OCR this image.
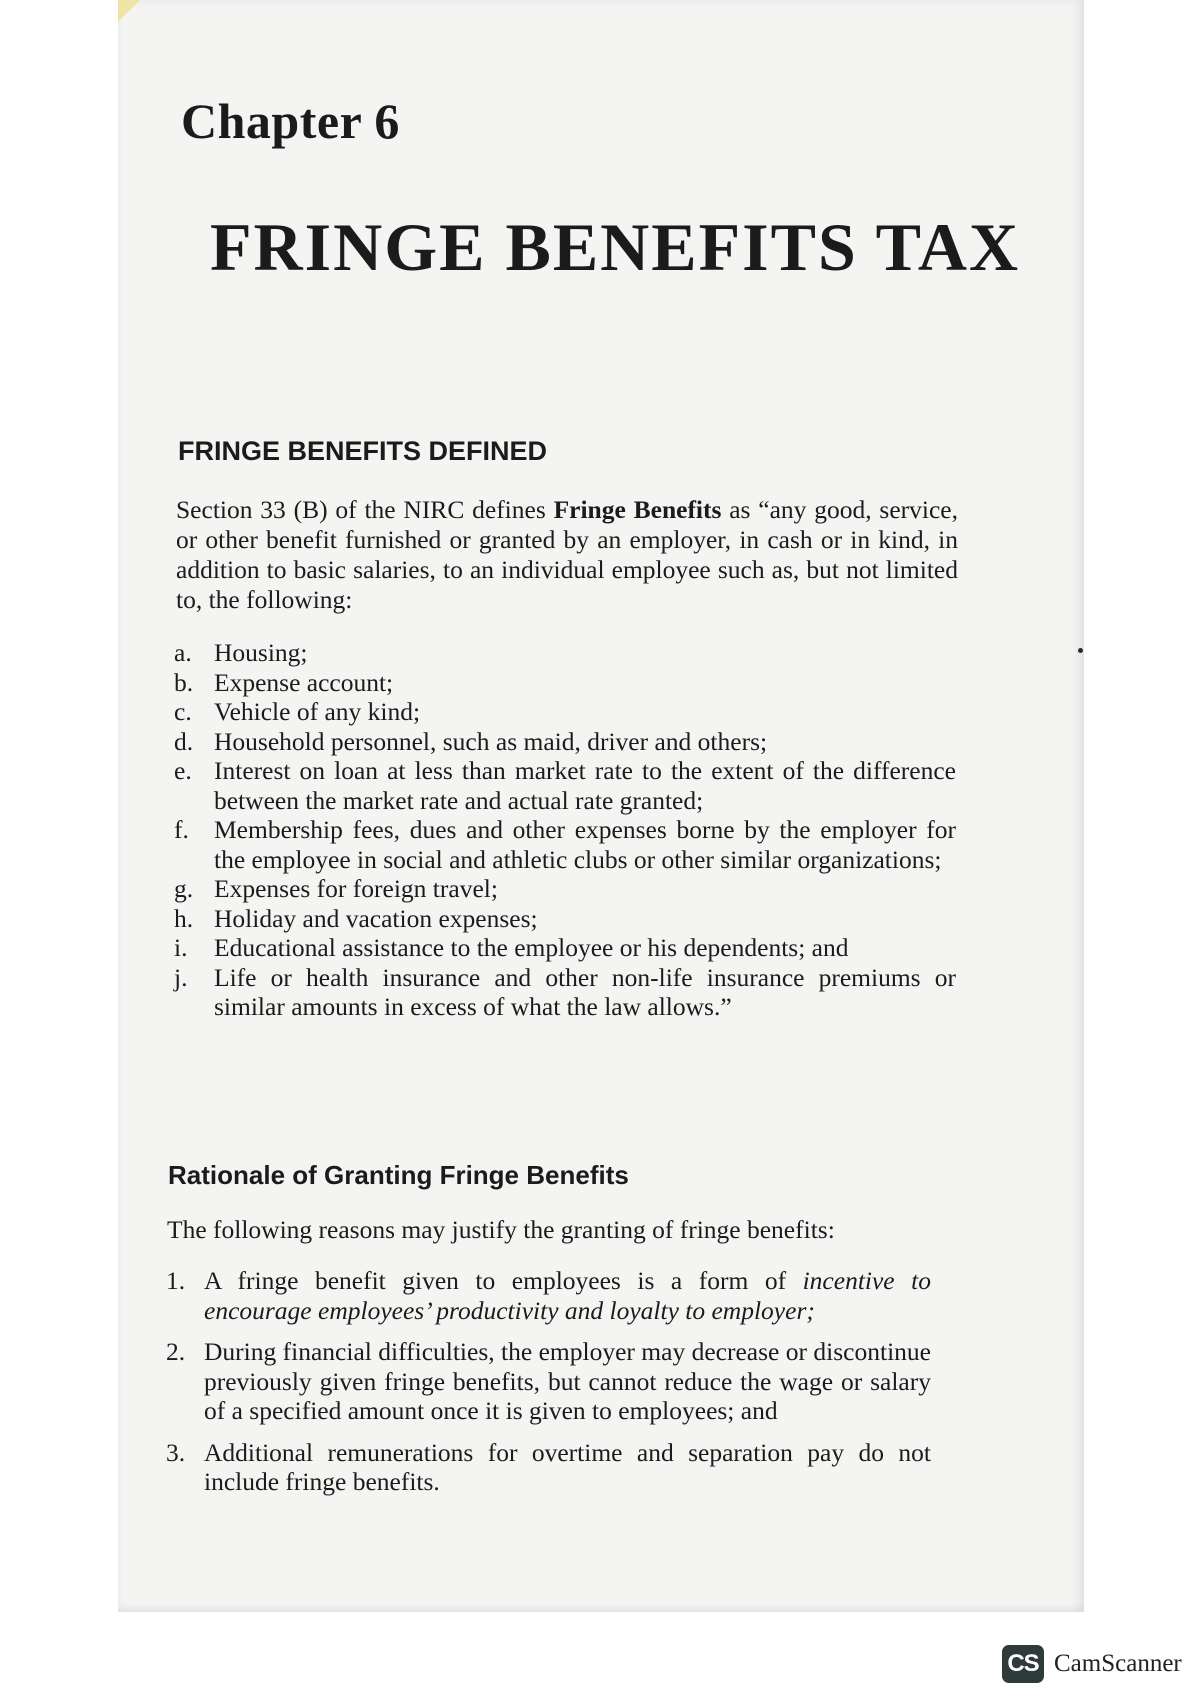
Chapter 6
FRINGE BENEFITS TAX
FRINGE BENEFITS DEFINED

Section 33 (B) of the NIRC defines Fringe Benefits as “any good, service, or other benefit furnished or granted by an employer, in cash or in kind, in addition to basic salaries, to an individual employee such as, but not limited to, the following:

a. Housing;
b. Expense account;
c. Vehicle of any kind;
d. Household personnel, such as maid, driver and others;
e. Interest on loan at less than market rate to the extent of the difference between the market rate and actual rate granted;
f. Membership fees, dues and other expenses borne by the employer for the employee in social and athletic clubs or other similar organizations;
g. Expenses for foreign travel;
h. Holiday and vacation expenses;
i. Educational assistance to the employee or his dependents; and
j. Life or health insurance and other non-life insurance premiums or similar amounts in excess of what the law allows.”
Rationale of Granting Fringe Benefits

The following reasons may justify the granting of fringe benefits:

1. A fringe benefit given to employees is a form of incentive to encourage employees’ productivity and loyalty to employer;
2. During financial difficulties, the employer may decrease or discontinue previously given fringe benefits, but cannot reduce the wage or salary of a specified amount once it is given to employees; and
3. Additional remunerations for overtime and separation pay do not include fringe benefits.
CS CamScanner
